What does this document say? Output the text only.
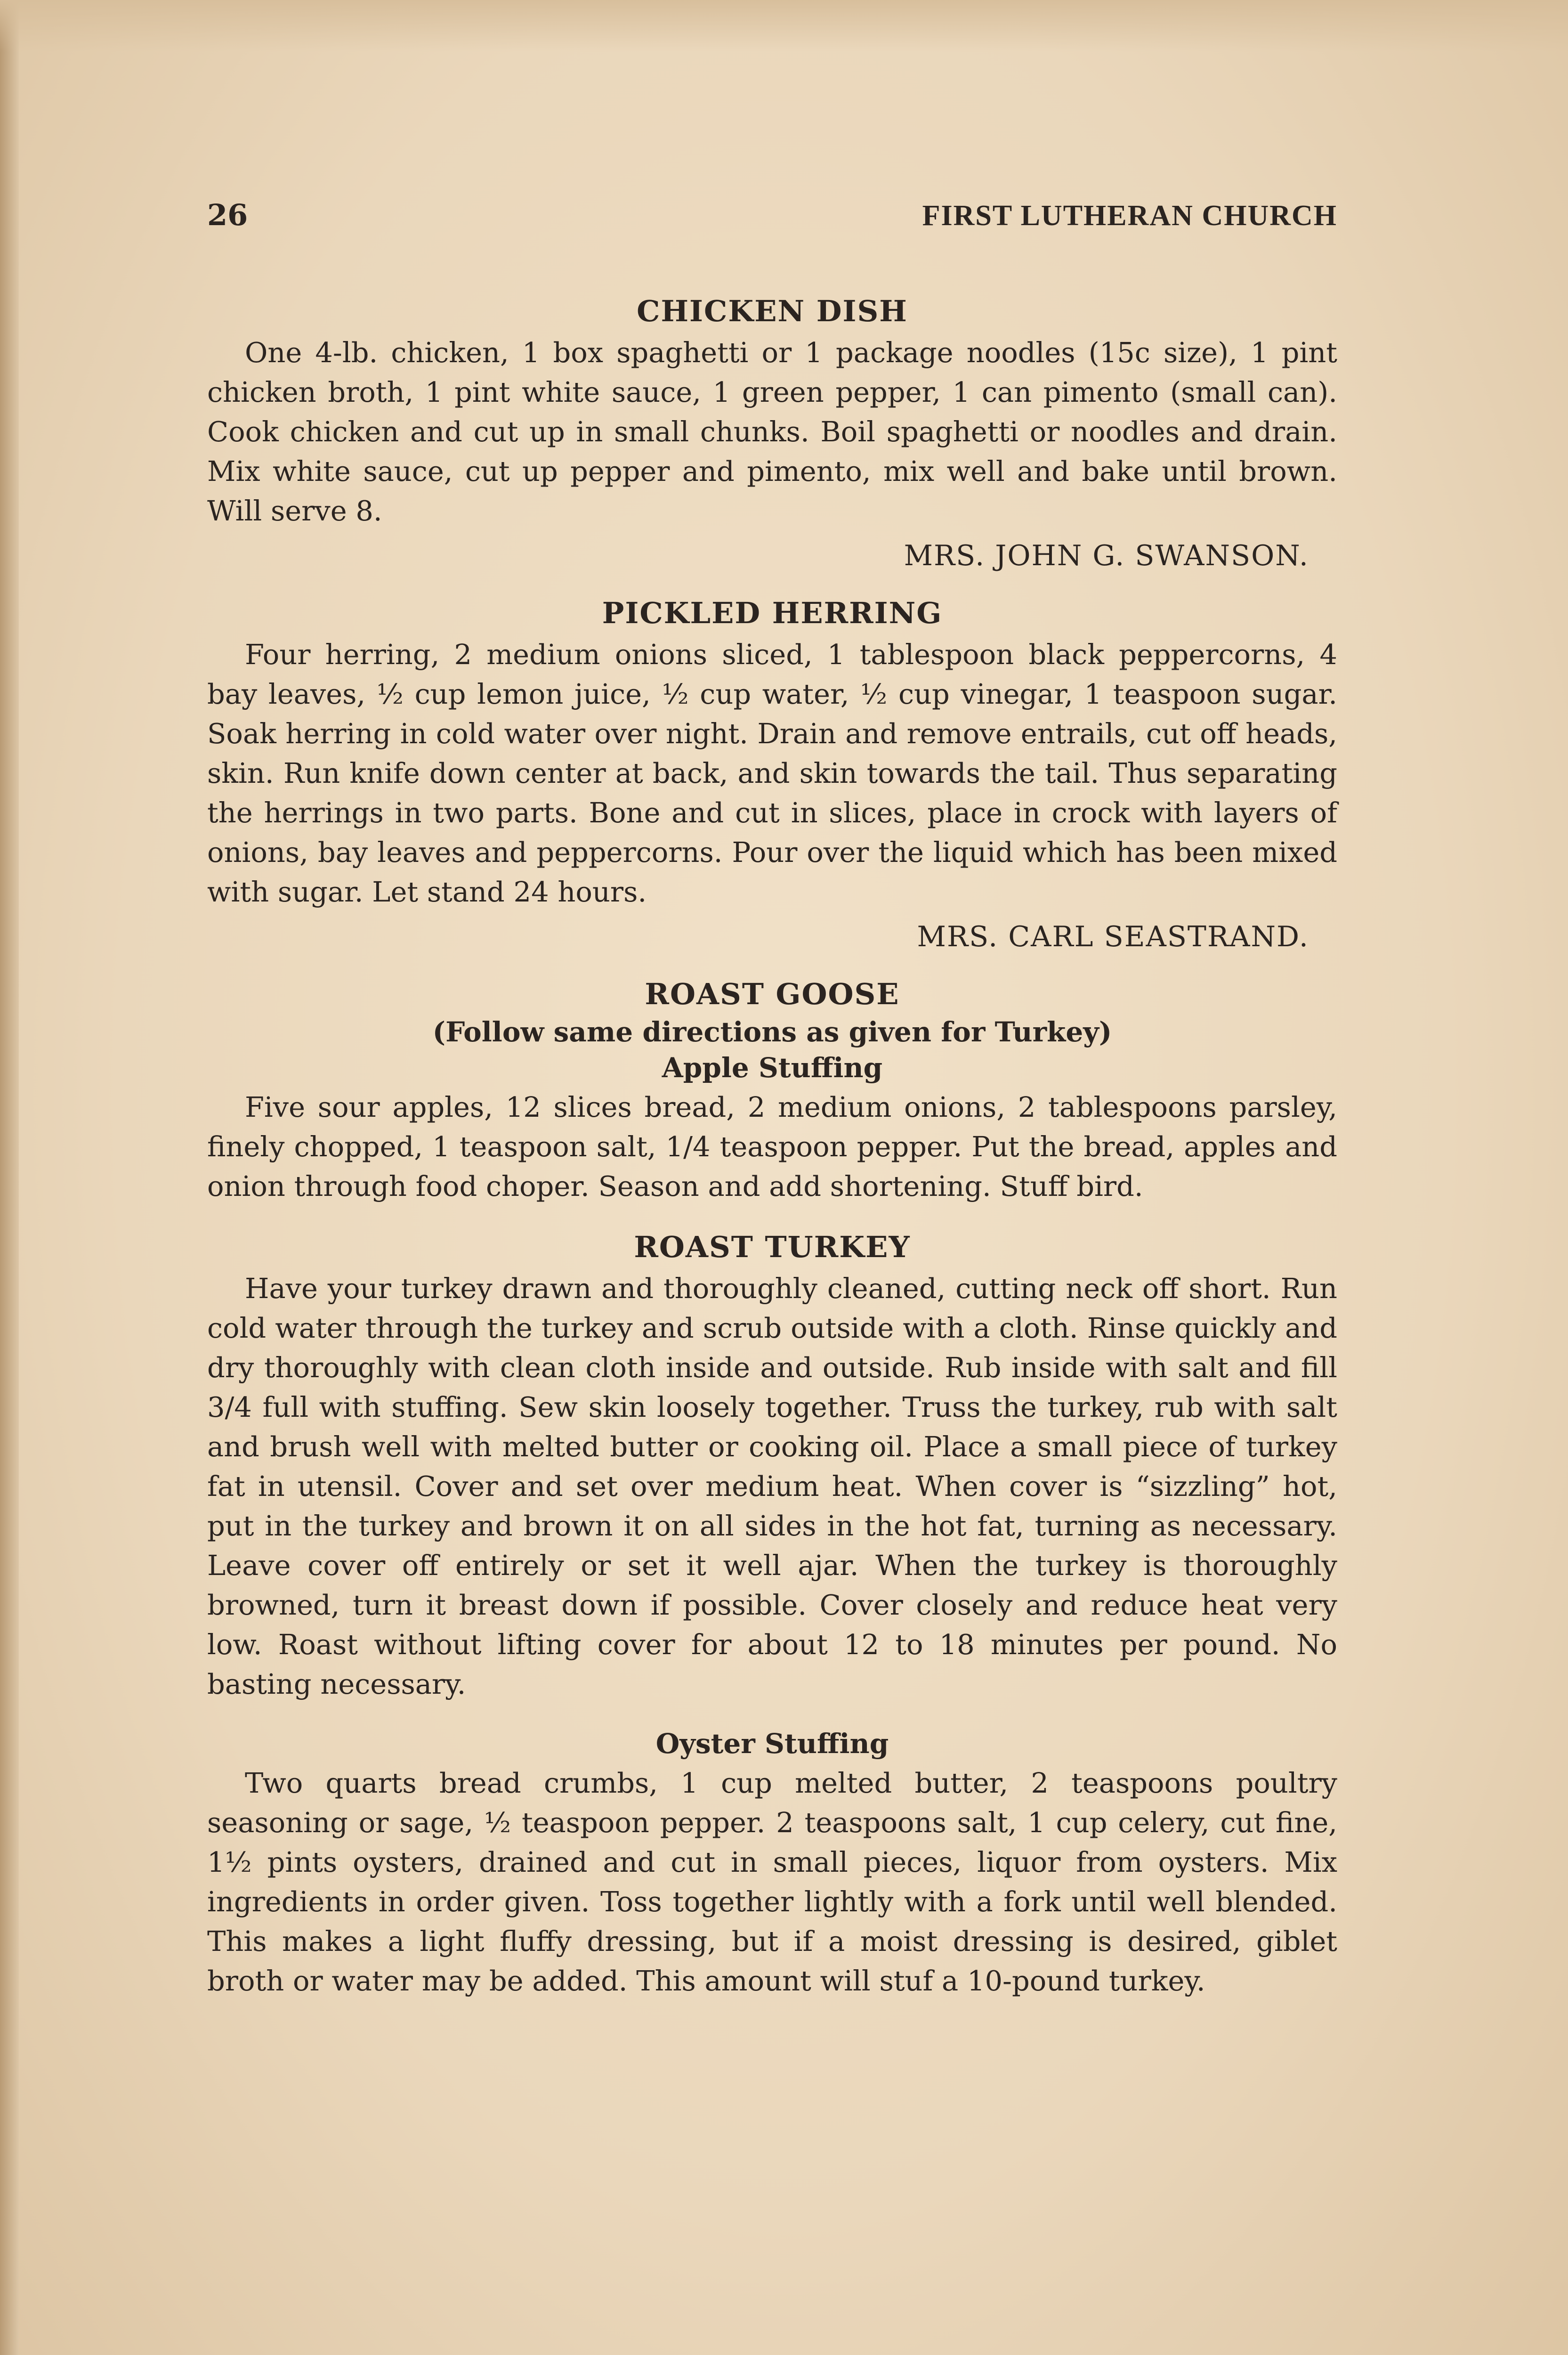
26	FIRST LUTHERAN CHURCH
CHICKEN DISH

One 4-lb. chicken, 1 box spaghetti or 1 package noodles (15c size), 1 pint chicken broth, 1 pint white sauce, 1 green pepper, 1 can pimento (small can). Cook chicken and cut up in small chunks. Boil spaghetti or noodles and drain. Mix white sauce, cut up pepper and pimento, mix well and bake until brown. Will serve 8.

MRS. JOHN G. SWANSON.
PICKLED HERRING

Four herring, 2 medium onions sliced, 1 tablespoon black peppercorns, 4 bay leaves, ½ cup lemon juice, ½ cup water, ½ cup vinegar, 1 teaspoon sugar. Soak herring in cold water over night. Drain and remove entrails, cut off heads, skin. Run knife down center at back, and skin towards the tail. Thus separating the herrings in two parts. Bone and cut in slices, place in crock with layers of onions, bay leaves and peppercorns. Pour over the liquid which has been mixed with sugar. Let stand 24 hours.

MRS. CARL SEASTRAND.
ROAST GOOSE
(Follow same directions as given for Turkey)
Apple Stuffing

Five sour apples, 12 slices bread, 2 medium onions, 2 tablespoons parsley, finely chopped, 1 teaspoon salt, 1/4 teaspoon pepper. Put the bread, apples and onion through food choper. Season and add shortening. Stuff bird.

ROAST TURKEY

Have your turkey drawn and thoroughly cleaned, cutting neck off short. Run cold water through the turkey and scrub outside with a cloth. Rinse quickly and dry thoroughly with clean cloth inside and outside. Rub inside with salt and fill 3/4 full with stuffing. Sew skin loosely together. Truss the turkey, rub with salt and brush well with melted butter or cooking oil. Place a small piece of turkey fat in utensil. Cover and set over medium heat. When cover is “sizzling” hot, put in the turkey and brown it on all sides in the hot fat, turning as necessary. Leave cover off entirely or set it well ajar. When the turkey is thoroughly browned, turn it breast down if possible. Cover closely and reduce heat very low. Roast without lifting cover for about 12 to 18 minutes per pound. No basting necessary.

Oyster Stuffing

Two quarts bread crumbs, 1 cup melted butter, 2 teaspoons poultry seasoning or sage, ½ teaspoon pepper. 2 teaspoons salt, 1 cup celery, cut fine, 1½ pints oysters, drained and cut in small pieces, liquor from oysters. Mix ingredients in order given. Toss together lightly with a fork until well blended. This makes a light fluffy dressing, but if a moist dressing is desired, giblet broth or water may be added. This amount will stuf a 10-pound turkey.
